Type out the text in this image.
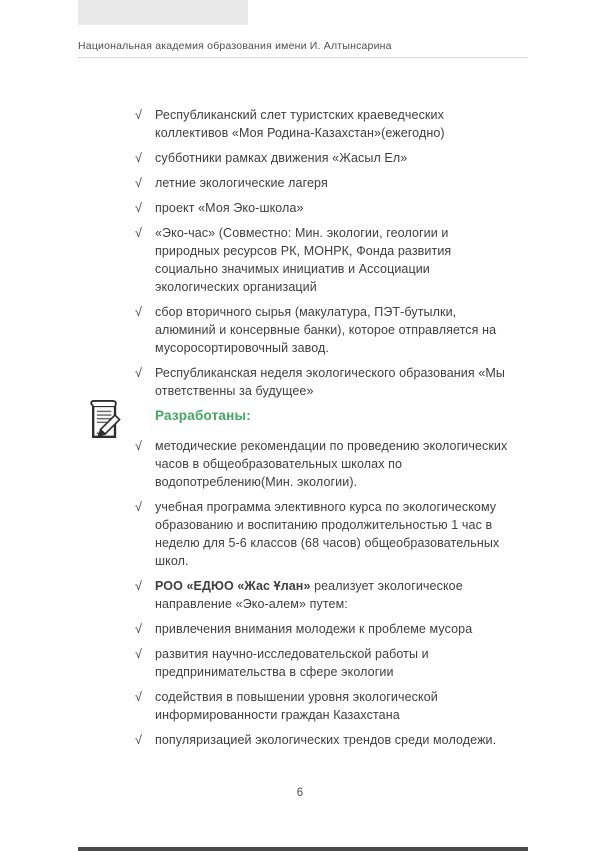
Национальная академия образования имени И. Алтынсарина
√	Республиканский слет туристских краеведческих коллективов «Моя Родина-Казахстан»(ежегодно)

√	субботники рамках движения «Жасыл Ел»

√	летние экологические лагеря

√	проект «Моя Эко-школа»

√	«Эко-час» (Совместно: Мин. экологии, геологии и природных ресурсов РК, МОНРК, Фонда развития социально значимых инициатив и Ассоциации экологических организаций

√	сбор вторичного сырья (макулатура, ПЭТ-бутылки, алюминий и консервные банки), которое отправляется на мусоросортировочный завод.

√	Республиканская неделя экологического образования «Мы ответственны за будущее»

Разработаны:
√	методические рекомендации по проведению экологических часов в общеобразовательных школах по водопотреблению(Мин. экологии).

√	учебная программа элективного курса по экологическому образованию и воспитанию продолжительностью 1 час в неделю для 5-6 классов (68 часов) общеобразовательных школ.

√	РОО «ЕДЮО «Жас Ұлан» реализует экологическое направление «Эко-алем» путем:

√	привлечения внимания молодежи к проблеме мусора

√	развития научно-исследовательской работы и предпринимательства в сфере экологии

√	содействия в повышении уровня экологической информированности граждан Казахстана

√	популяризацией экологических трендов среди молодежи.

6
